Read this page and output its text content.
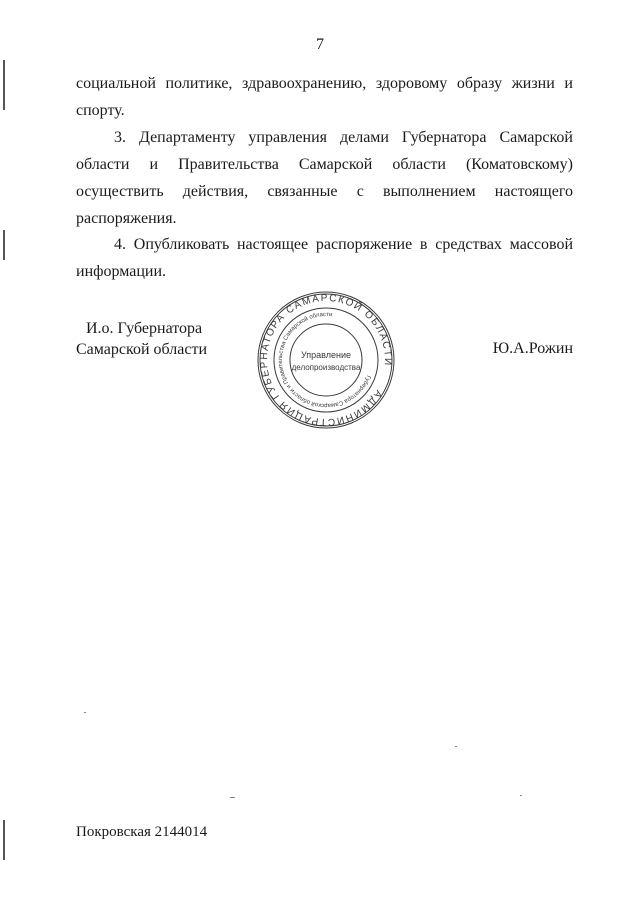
7

социальной политике, здравоохранению, здоровому образу жизни и спорту.

3. Департаменту управления делами Губернатора Самарской области и Правительства Самарской области (Коматовскому) осуществить действия, связанные с выполнением настоящего распоряжения.

4. Опубликовать настоящее распоряжение в средствах массовой информации.

И.о. Губернатора
Самарской области
АДМИНИСТРАЦИЯ ГУБЕРНАТОРА САМАРСКОЙ ОБЛАСТИ
Губернатора Самарской области и Правительства Самарской области
Управление
делопроизводства
Ю.А.Рожин
Покровская 2144014
